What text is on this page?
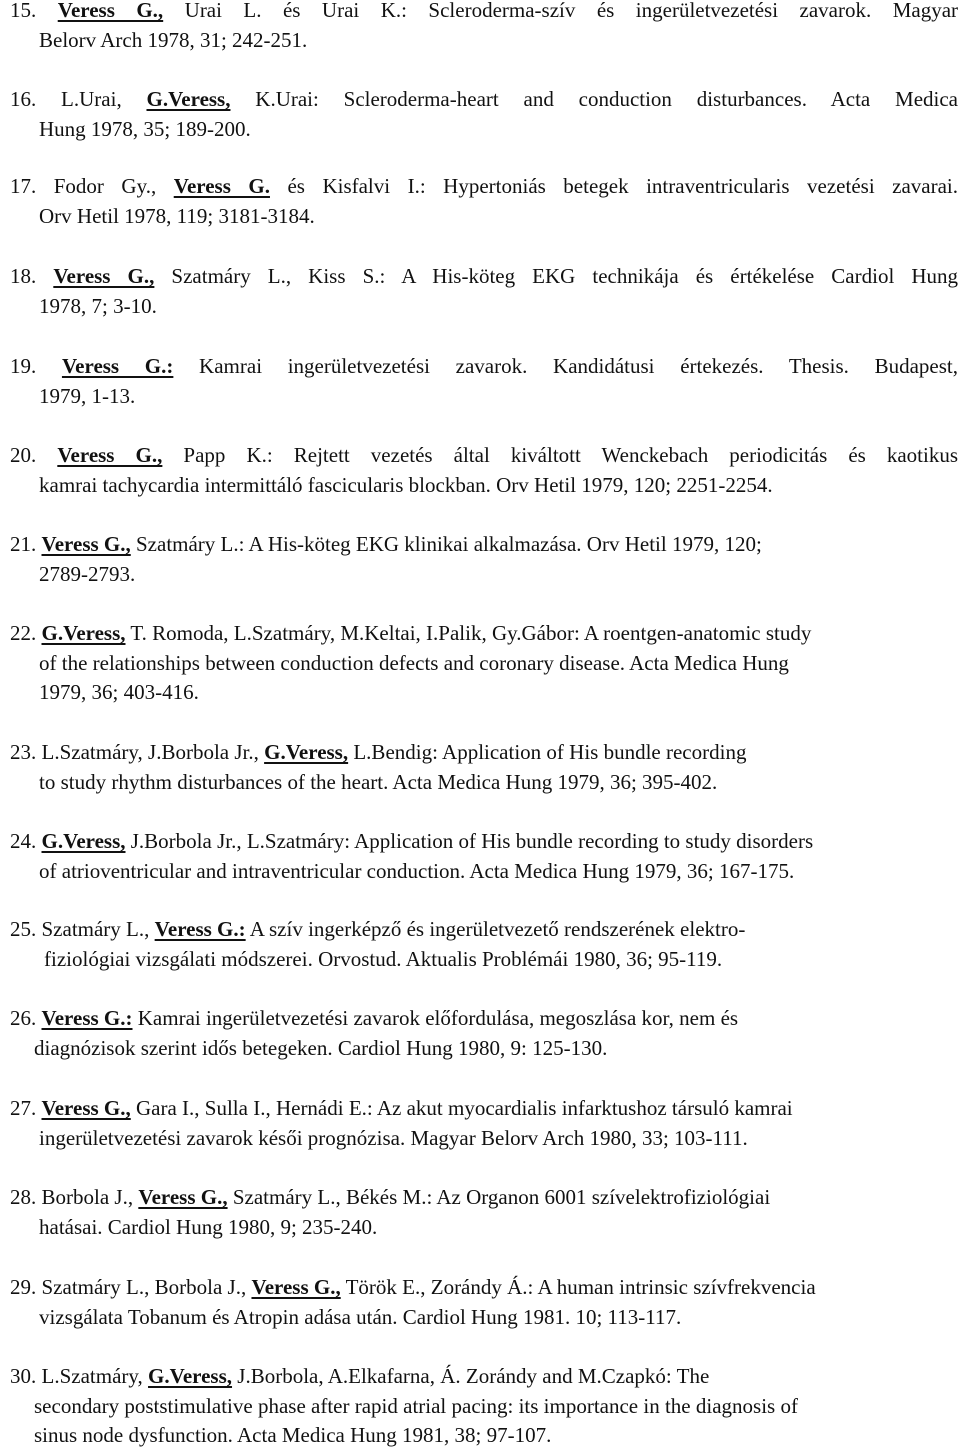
15. Veress G., Urai L. és Urai K.: Scleroderma-szív és ingerületvezetési zavarok. Magyar
Belorv Arch 1978, 31; 242-251.
16. L.Urai, G.Veress, K.Urai: Scleroderma-heart and conduction disturbances. Acta Medica
Hung 1978, 35; 189-200.
17. Fodor Gy., Veress G. és Kisfalvi I.: Hypertoniás betegek intraventricularis vezetési zavarai.
Orv Hetil 1978, 119; 3181-3184.
18. Veress G., Szatmáry L., Kiss S.: A His-köteg EKG technikája és értékelése Cardiol Hung
1978, 7; 3-10.
19. Veress G.: Kamrai ingerületvezetési zavarok. Kandidátusi értekezés. Thesis. Budapest,
1979, 1-13.
20. Veress G., Papp K.: Rejtett vezetés által kiváltott Wenckebach periodicitás és kaotikus
kamrai tachycardia intermittáló fascicularis blockban. Orv Hetil 1979, 120; 2251-2254.
21. Veress G., Szatmáry L.: A His-köteg EKG klinikai alkalmazása. Orv Hetil 1979, 120;
2789-2793.
22. G.Veress, T. Romoda, L.Szatmáry, M.Keltai, I.Palik, Gy.Gábor: A roentgen-anatomic study
of the relationships between conduction defects and coronary disease. Acta Medica Hung
1979, 36; 403-416.
23. L.Szatmáry, J.Borbola Jr., G.Veress, L.Bendig: Application of His bundle recording
to study rhythm disturbances of the heart. Acta Medica Hung 1979, 36; 395-402.
24. G.Veress, J.Borbola Jr., L.Szatmáry: Application of His bundle recording to study disorders
of atrioventricular and intraventricular conduction. Acta Medica Hung 1979, 36; 167-175.
25. Szatmáry L., Veress G.: A szív ingerképző és ingerületvezető rendszerének elektro-
fiziológiai vizsgálati módszerei. Orvostud. Aktualis Problémái 1980, 36; 95-119.
26. Veress G.: Kamrai ingerületvezetési zavarok előfordulása, megoszlása kor, nem és
diagnózisok szerint idős betegeken. Cardiol Hung 1980, 9: 125-130.
27. Veress G., Gara I., Sulla I., Hernádi E.: Az akut myocardialis infarktushoz társuló kamrai
ingerületvezetési zavarok késői prognózisa. Magyar Belorv Arch 1980, 33; 103-111.
28. Borbola J., Veress G., Szatmáry L., Békés M.: Az Organon 6001 szívelektrofiziológiai
hatásai. Cardiol Hung 1980, 9; 235-240.
29. Szatmáry L., Borbola J., Veress G., Török E., Zorándy Á.: A human intrinsic szívfrekvencia
vizsgálata Tobanum és Atropin adása után. Cardiol Hung 1981. 10; 113-117.
30. L.Szatmáry, G.Veress, J.Borbola, A.Elkafarna, Á. Zorándy and M.Czapkó: The
secondary poststimulative phase after rapid atrial pacing: its importance in the diagnosis of
sinus node dysfunction. Acta Medica Hung 1981, 38; 97-107.
